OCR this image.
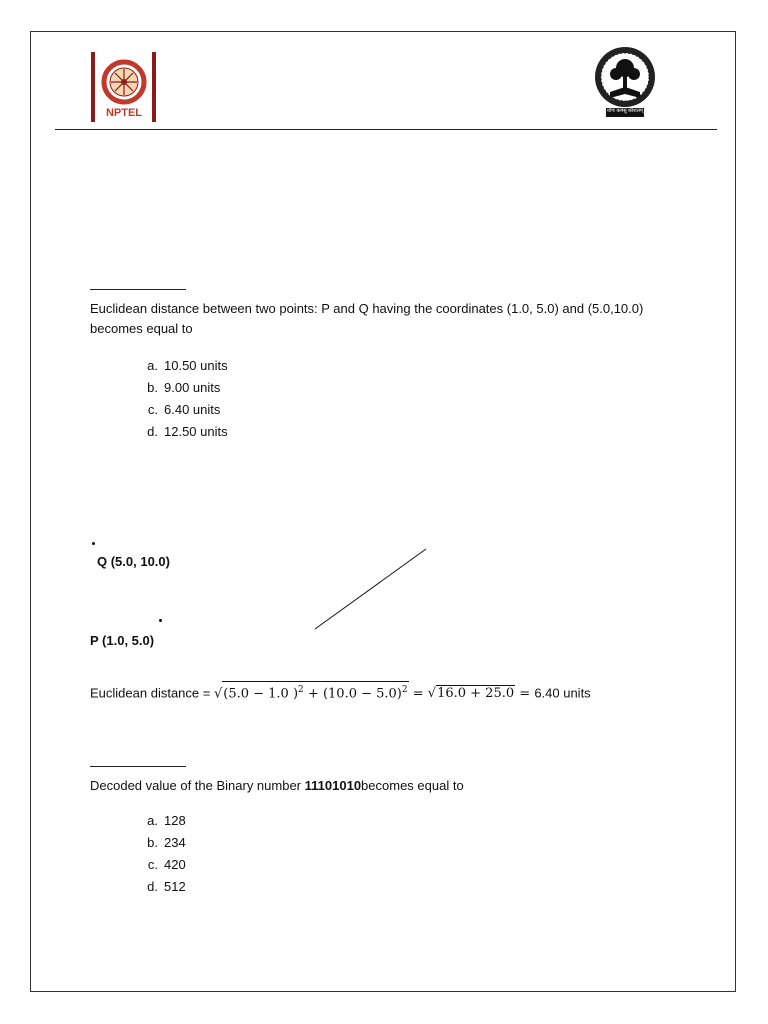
NPTEL	योगः कर्मसु कौशलम्
Euclidean distance between two points: P and Q having the coordinates (1.0, 5.0) and (5.0,10.0) becomes equal to
a. 10.50 units
b. 9.00 units
c. 6.40 units
d. 12.50 units
Q (5.0, 10.0)
P (1.0, 5.0)
Euclidean distance = √(5.0 − 1.0 )$^2 + (10.0 - 5.0)^2 = √16.0 + 25.0 = 6.40$ units
Decoded value of the Binary number 11101010becomes equal to
a. 128
b. 234
c. 420
d. 512
